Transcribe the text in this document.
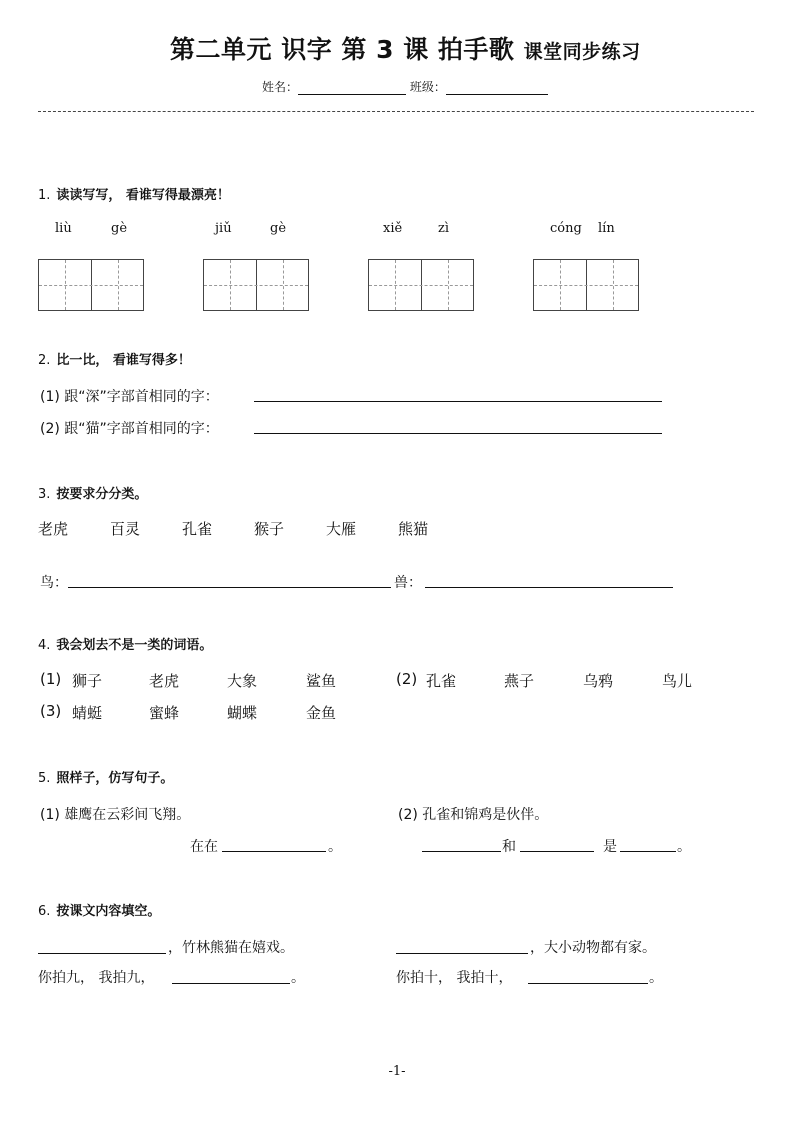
第二单元 识字 第 3 课 拍手歌 课堂同步练习
姓名：	班级：
1. 读读写写， 看谁写得最漂亮！
liù	gè	jiǔ	gè	xiě	zì	cóng lín
2. 比一比， 看谁写得多！
(1) 跟“深”字部首相同的字：
(2) 跟“猫”字部首相同的字：
3. 按要求分分类。
老虎	百灵	孔雀	猴子	大雁	熊猫
鸟：	兽：
4. 我会划去不是一类的词语。
(1) 狮子	老虎	大象	鲨鱼	(2) 孔雀	燕子	乌鸦	鸟儿
(3) 蜻蜓	蜜蜂	蝴蝶	金鱼
5. 照样子，仿写句子。
(1) 雄鹰在云彩间飞翔。	(2) 孔雀和锦鸡是伙伴。
在在	。	和	是	。
6. 按课文内容填空。
，竹林熊猫在嬉戏。	，大小动物都有家。
你拍九， 我拍九，	。	你拍十， 我拍十，	。
-1-
